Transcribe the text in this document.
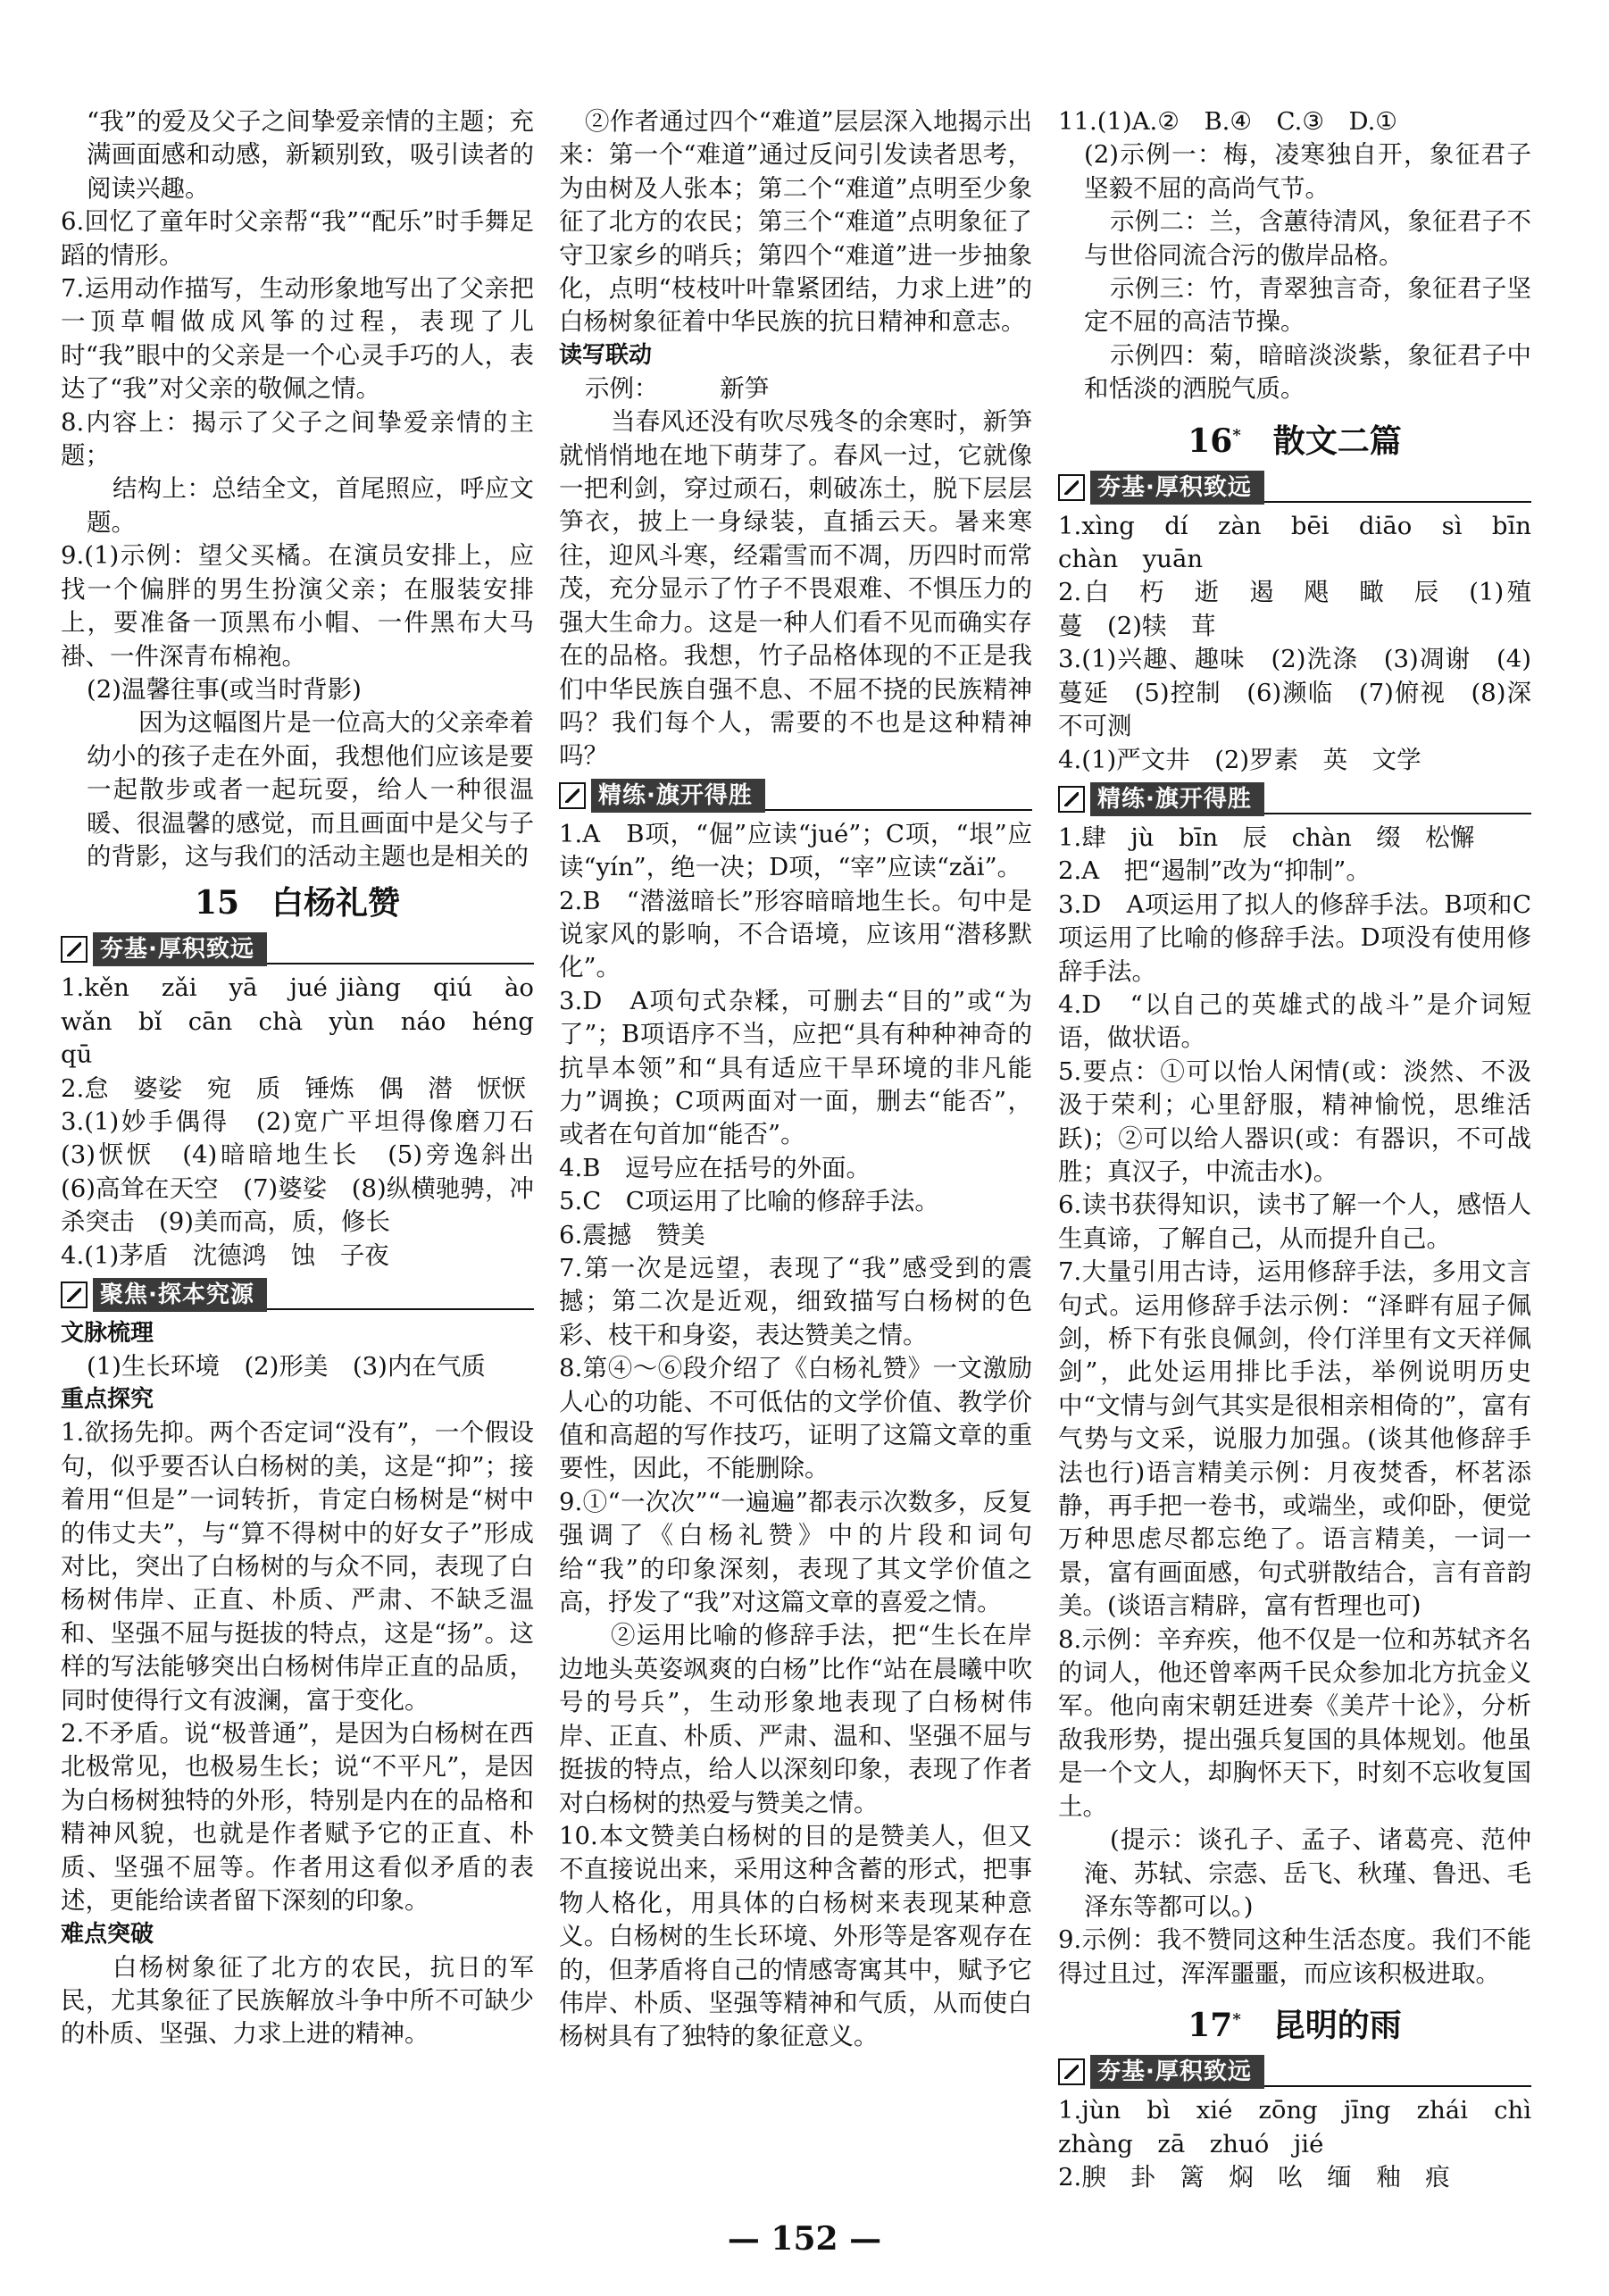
“我”的爱及父子之间挚爱亲情的主题；充满画面感和动感，新颖别致，吸引读者的阅读兴趣。

6.回忆了童年时父亲帮“我”“配乐”时手舞足蹈的情形。

7.运用动作描写，生动形象地写出了父亲把一顶草帽做成风筝的过程，表现了儿时“我”眼中的父亲是一个心灵手巧的人，表达了“我”对父亲的敬佩之情。

8.内容上：揭示了父子之间挚爱亲情的主题；

结构上：总结全文，首尾照应，呼应文题。

9.(1)示例：望父买橘。在演员安排上，应找一个偏胖的男生扮演父亲；在服装安排上，要准备一顶黑布小帽、一件黑布大马褂、一件深青布棉袍。

(2)温馨往事(或当时背影)

因为这幅图片是一位高大的父亲牵着幼小的孩子走在外面，我想他们应该是要一起散步或者一起玩耍，给人一种很温暖、很温馨的感觉，而且画面中是父与子的背影，这与我们的活动主题也是相关的

15　白杨礼赞
夯基·厚积致远

1.kěn　zǎi　yā　jué jiàng　qiú　ào　wǎn　bǐ　cān　chà　yùn　náo　héng　qū

2.怠　婆娑　宛　质　锤炼　偶　潜　恹恹

3.(1)妙手偶得　(2)宽广平坦得像磨刀石　(3)恹恹　(4)暗暗地生长　(5)旁逸斜出　(6)高耸在天空　(7)婆娑　(8)纵横驰骋，冲杀突击　(9)美而高，质，修长

4.(1)茅盾　沈德鸿　蚀　子夜

聚焦·探本究源

文脉梳理

(1)生长环境　(2)形美　(3)内在气质

重点探究

1.欲扬先抑。两个否定词“没有”，一个假设句，似乎要否认白杨树的美，这是“抑”；接着用“但是”一词转折，肯定白杨树是“树中的伟丈夫”，与“算不得树中的好女子”形成对比，突出了白杨树的与众不同，表现了白杨树伟岸、正直、朴质、严肃、不缺乏温和、坚强不屈与挺拔的特点，这是“扬”。这样的写法能够突出白杨树伟岸正直的品质，同时使得行文有波澜，富于变化。

2.不矛盾。说“极普通”，是因为白杨树在西北极常见，也极易生长；说“不平凡”，是因为白杨树独特的外形，特别是内在的品格和精神风貌，也就是作者赋予它的正直、朴质、坚强不屈等。作者用这看似矛盾的表述，更能给读者留下深刻的印象。

难点突破

白杨树象征了北方的农民，抗日的军民，尤其象征了民族解放斗争中所不可缺少的朴质、坚强、力求上进的精神。

②作者通过四个“难道”层层深入地揭示出来：第一个“难道”通过反问引发读者思考，为由树及人张本；第二个“难道”点明至少象征了北方的农民；第三个“难道”点明象征了守卫家乡的哨兵；第四个“难道”进一步抽象化，点明“枝枝叶叶靠紧团结，力求上进”的白杨树象征着中华民族的抗日精神和意志。

读写联动

示例：　　　新笋

当春风还没有吹尽残冬的余寒时，新笋就悄悄地在地下萌芽了。春风一过，它就像一把利剑，穿过顽石，刺破冻土，脱下层层笋衣，披上一身绿装，直插云天。暑来寒往，迎风斗寒，经霜雪而不凋，历四时而常茂，充分显示了竹子不畏艰难、不惧压力的强大生命力。这是一种人们看不见而确实存在的品格。我想，竹子品格体现的不正是我们中华民族自强不息、不屈不挠的民族精神吗？我们每个人，需要的不也是这种精神吗？

精练·旗开得胜

1.A　B项，“倔”应读“jué”；C项，“垠”应读“yín”，绝一决；D项，“宰”应读“zǎi”。

2.B　“潜滋暗长”形容暗暗地生长。句中是说家风的影响，不合语境，应该用“潜移默化”。

3.D　A项句式杂糅，可删去“目的”或“为了”；B项语序不当，应把“具有种种神奇的抗旱本领”和“具有适应干旱环境的非凡能力”调换；C项两面对一面，删去“能否”，或者在句首加“能否”。

4.B　逗号应在括号的外面。

5.C　C项运用了比喻的修辞手法。

6.震撼　赞美

7.第一次是远望，表现了“我”感受到的震撼；第二次是近观，细致描写白杨树的色彩、枝干和身姿，表达赞美之情。

8.第④～⑥段介绍了《白杨礼赞》一文激励人心的功能、不可低估的文学价值、教学价值和高超的写作技巧，证明了这篇文章的重要性，因此，不能删除。

9.①“一次次”“一遍遍”都表示次数多，反复强调了《白杨礼赞》中的片段和词句给“我”的印象深刻，表现了其文学价值之高，抒发了“我”对这篇文章的喜爱之情。

②运用比喻的修辞手法，把“生长在岸边地头英姿飒爽的白杨”比作“站在晨曦中吹号的号兵”，生动形象地表现了白杨树伟岸、正直、朴质、严肃、温和、坚强不屈与挺拔的特点，给人以深刻印象，表现了作者对白杨树的热爱与赞美之情。

10.本文赞美白杨树的目的是赞美人，但又不直接说出来，采用这种含蓄的形式，把事物人格化，用具体的白杨树来表现某种意义。白杨树的生长环境、外形等是客观存在的，但茅盾将自己的情感寄寓其中，赋予它伟岸、朴质、坚强等精神和气质，从而使白杨树具有了独特的象征意义。

11.(1)A.②　B.④　C.③　D.①

(2)示例一：梅，凌寒独自开，象征君子坚毅不屈的高尚气节。

示例二：兰，含蕙待清风，象征君子不与世俗同流合污的傲岸品格。

示例三：竹，青翠独言奇，象征君子坚定不屈的高洁节操。

示例四：菊，暗暗淡淡紫，象征君子中和恬淡的洒脱气质。

16*　 散文二篇
夯基·厚积致远

1.xìng　dí　zàn　bēi　diāo　sì　bīn　chàn　yuān

2.白　朽　逝　遏　飓　瞰　辰　(1)殖　蔓　(2)犊　茸

3.(1)兴趣、趣味　(2)洗涤　(3)凋谢　(4)蔓延　(5)控制　(6)濒临　(7)俯视　(8)深不可测

4.(1)严文井　(2)罗素　英　文学

精练·旗开得胜

1.肆　jù　bīn　辰　chàn　缀　松懈

2.A　把“遏制”改为“抑制”。

3.D　A项运用了拟人的修辞手法。B项和C项运用了比喻的修辞手法。D项没有使用修辞手法。

4.D　“以自己的英雄式的战斗”是介词短语，做状语。

5.要点：①可以怡人闲情(或：淡然、不汲汲于荣利；心里舒服，精神愉悦，思维活跃)；②可以给人器识(或：有器识，不可战胜；真汉子，中流击水)。

6.读书获得知识，读书了解一个人，感悟人生真谛，了解自己，从而提升自己。

7.大量引用古诗，运用修辞手法，多用文言句式。运用修辞手法示例：“泽畔有屈子佩剑，桥下有张良佩剑，伶仃洋里有文天祥佩剑”，此处运用排比手法，举例说明历史中“文情与剑气其实是很相亲相倚的”，富有气势与文采，说服力加强。(谈其他修辞手法也行)语言精美示例：月夜焚香，杯茗添静，再手把一卷书，或端坐，或仰卧，便觉万种思虑尽都忘绝了。语言精美，一词一景，富有画面感，句式骈散结合，言有音韵美。(谈语言精辟，富有哲理也可)

8.示例：辛弃疾，他不仅是一位和苏轼齐名的词人，他还曾率两千民众参加北方抗金义军。他向南宋朝廷进奏《美芹十论》，分析敌我形势，提出强兵复国的具体规划。他虽是一个文人，却胸怀天下，时刻不忘收复国土。

(提示：谈孔子、孟子、诸葛亮、范仲淹、苏轼、宗悫、岳飞、秋瑾、鲁迅、毛泽东等都可以。)

9.示例：我不赞同这种生活态度。我们不能得过且过，浑浑噩噩，而应该积极进取。

17*　 昆明的雨
夯基·厚积致远

1.jùn　bì　xié　zōng　jīng　zhái　chì　zhàng　zā　zhuó　jié

2.腴　卦　篱　焖　吆　缅　釉　痕

— 152 —
